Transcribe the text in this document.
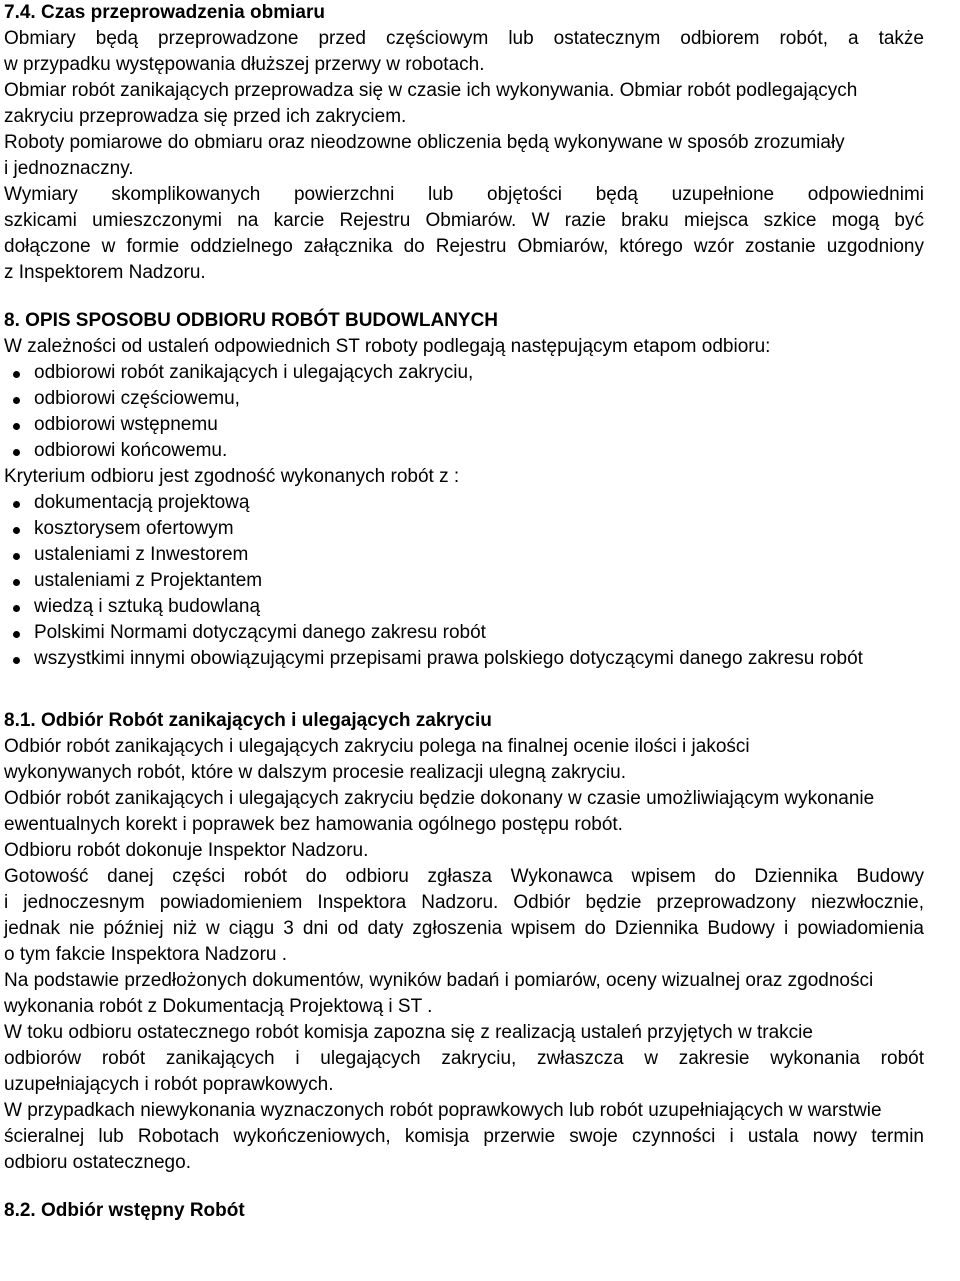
7.4. Czas przeprowadzenia obmiaru
Obmiary będą przeprowadzone przed częściowym lub ostatecznym odbiorem robót, a także
w przypadku występowania dłuższej przerwy w robotach.
Obmiar robót zanikających przeprowadza się w czasie ich wykonywania. Obmiar robót podlegających
zakryciu przeprowadza się przed ich zakryciem.
Roboty pomiarowe do obmiaru oraz nieodzowne obliczenia będą wykonywane w sposób zrozumiały
i jednoznaczny.
Wymiary skomplikowanych powierzchni lub objętości będą uzupełnione odpowiednimi
szkicami umieszczonymi na karcie Rejestru Obmiarów. W razie braku miejsca szkice mogą być
dołączone w formie oddzielnego załącznika do Rejestru Obmiarów, którego wzór zostanie uzgodniony
z Inspektorem Nadzoru.
8. OPIS SPOSOBU ODBIORU ROBÓT BUDOWLANYCH
W zależności od ustaleń odpowiednich ST roboty podlegają następującym etapom odbioru:
odbiorowi robót zanikających i ulegających zakryciu,
odbiorowi częściowemu,
odbiorowi wstępnemu
odbiorowi końcowemu.
Kryterium odbioru jest zgodność wykonanych robót z :
dokumentacją projektową
kosztorysem ofertowym
ustaleniami z Inwestorem
ustaleniami z Projektantem
wiedzą i sztuką budowlaną
Polskimi Normami dotyczącymi danego zakresu robót
wszystkimi innymi obowiązującymi przepisami prawa polskiego dotyczącymi danego zakresu robót
8.1. Odbiór Robót zanikających i ulegających zakryciu
Odbiór robót zanikających i ulegających zakryciu polega na finalnej ocenie ilości i jakości
wykonywanych robót, które w dalszym procesie realizacji ulegną zakryciu.
Odbiór robót zanikających i ulegających zakryciu będzie dokonany w czasie umożliwiającym wykonanie
ewentualnych korekt i poprawek bez hamowania ogólnego postępu robót.
Odbioru robót dokonuje Inspektor Nadzoru.
Gotowość danej części robót do odbioru zgłasza Wykonawca wpisem do Dziennika Budowy
i jednoczesnym powiadomieniem Inspektora Nadzoru. Odbiór będzie przeprowadzony niezwłocznie,
jednak nie później niż w ciągu 3 dni od daty zgłoszenia wpisem do Dziennika Budowy i powiadomienia
o tym fakcie Inspektora Nadzoru .
Na podstawie przedłożonych dokumentów, wyników badań i pomiarów, oceny wizualnej oraz zgodności
wykonania robót z Dokumentacją Projektową i ST .
W toku odbioru ostatecznego robót komisja zapozna się z realizacją ustaleń przyjętych w trakcie
odbiorów robót zanikających i ulegających zakryciu, zwłaszcza w zakresie wykonania robót
uzupełniających i robót poprawkowych.
W przypadkach niewykonania wyznaczonych robót poprawkowych lub robót uzupełniających w warstwie
ścieralnej lub Robotach wykończeniowych, komisja przerwie swoje czynności i ustala nowy termin
odbioru ostatecznego.
8.2. Odbiór wstępny Robót
